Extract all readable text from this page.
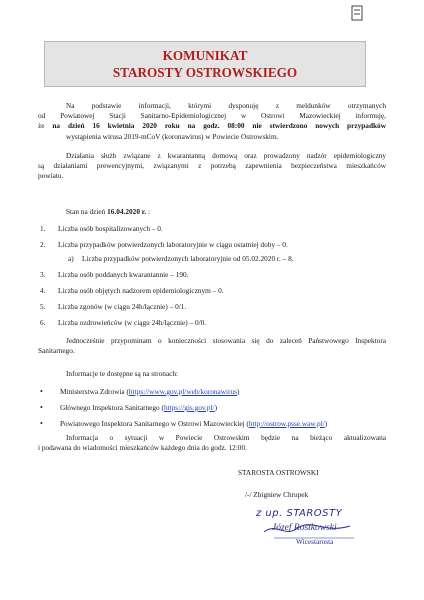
KOMUNIKAT
STAROSTY OSTROWSKIEGO
Na podstawie informacji, którymi dysponuję z meldunków otrzymanych
od Powiatowej Stacji Sanitarno-Epidemiologicznej w Ostrowi Mazowieckiej informuję,
że na dzień 16 kwietnia 2020 roku na godz. 08:00 nie stwierdzono nowych przypadków
wystąpienia wirusa 2019-mCoV (koronawirus) w Powiecie Ostrowskim.
Działania służb związane z kwarantanną domową oraz prowadzony nadzór epidemiologiczny
są działaniami prewencyjnymi, związanymi z potrzebą zapewnienia bezpieczeństwa mieszkańców
powiatu.
Stan na dzień 16.04.2020 r. :
1. Liczba osób hospitalizowanych – 0.
2. Liczba przypadków potwierdzonych laboratoryjnie w ciągu ostatniej doby – 0.
a) Liczba przypadków potwierdzonych laboratoryjnie od 05.02.2020 r. – 8.
3. Liczba osób poddanych kwarantannie – 190.
4. Liczba osób objętych nadzorem epidemiologicznym – 0.
5. Liczba zgonów (w ciągu 24h/łącznie) – 0/1.
6. Liczba ozdrowieńców (w ciągu 24h/łącznie) – 0/0.
Jednocześnie przypominam o konieczności stosowania się do zaleceń Państwowego Inspektora
Sanitarnego.
Informacje te dostępne są na stronach:
• Ministerstwa Zdrowia (https://www.gov.pl/web/koronawirus)
• Głównego Inspektora Sanitarnego (https://gis.gov.pl/)
• Powiatowego Inspektora Sanitarnego w Ostrowi Mazowieckiej (http://ostrow.psse.waw.pl/)
Informacja o sytuacji w Powiecie Ostrowskim będzie na bieżąco aktualizowana
i podawana do wiadomości mieszkańców każdego dnia do godz. 12:00.
STAROSTA OSTROWSKI
/-/ Zbigniew Chrupek
z up. STAROSTY
Józef Rostkowski
Wicestarosta
